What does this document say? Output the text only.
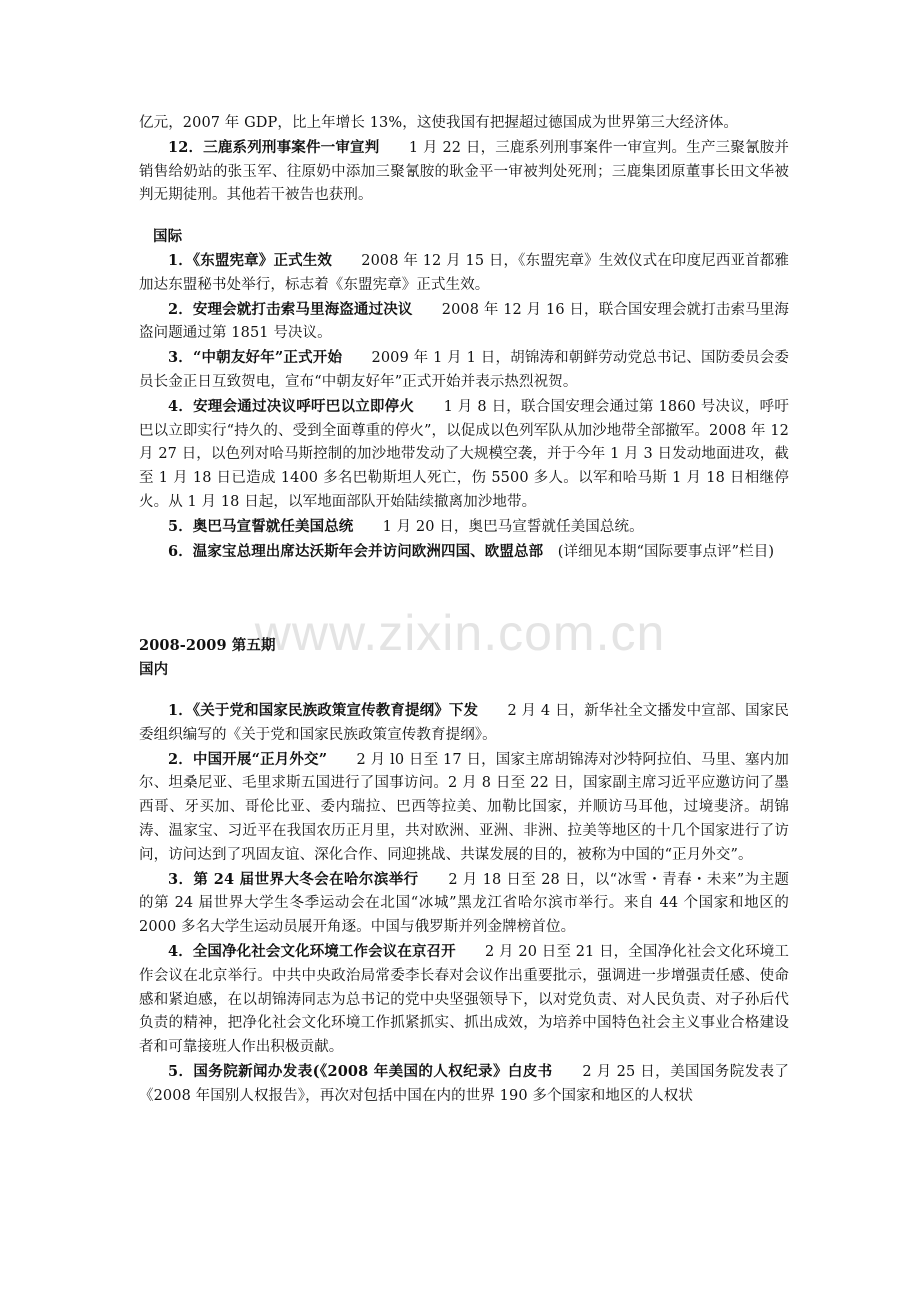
www.zixin.com.cn

亿元，2007 年 GDP，比上年增长 13%，这使我国有把握超过德国成为世界第三大经济体。

12．三鹿系列刑事案件一审宣判　　1 月 22 日，三鹿系列刑事案件一审宣判。生产三聚氰胺并销售给奶站的张玉军、往原奶中添加三聚氰胺的耿金平一审被判处死刑；三鹿集团原董事长田文华被判无期徒刑。其他若干被告也获刑。

国际

1．《东盟宪章》正式生效　　2008 年 12 月 15 日，《东盟宪章》生效仪式在印度尼西亚首都雅加达东盟秘书处举行，标志着《东盟宪章》正式生效。

2．安理会就打击索马里海盗通过决议　　2008 年 12 月 16 日，联合国安理会就打击索马里海盗问题通过第 1851 号决议。

3．“中朝友好年”正式开始　　2009 年 1 月 1 日，胡锦涛和朝鲜劳动党总书记、国防委员会委员长金正日互致贺电，宣布“中朝友好年”正式开始并表示热烈祝贺。

4．安理会通过决议呼吁巴以立即停火　　1 月 8 日，联合国安理会通过第 1860 号决议，呼吁巴以立即实行“持久的、受到全面尊重的停火”，以促成以色列军队从加沙地带全部撤军。2008 年 12 月 27 日，以色列对哈马斯控制的加沙地带发动了大规模空袭，并于今年 1 月 3 日发动地面进攻，截至 1 月 18 日已造成 1400 多名巴勒斯坦人死亡，伤 5500 多人。以军和哈马斯 1 月 18 日相继停火。从 1 月 18 日起，以军地面部队开始陆续撤离加沙地带。

5．奥巴马宣誓就任美国总统　　1 月 20 日，奥巴马宣誓就任美国总统。

6．温家宝总理出席达沃斯年会并访问欧洲四国、欧盟总部　(详细见本期“国际要事点评”栏目)

2008-2009 第五期

国内

1．《关于党和国家民族政策宣传教育提纲》下发　　2 月 4 日，新华社全文播发中宣部、国家民委组织编写的《关于党和国家民族政策宣传教育提纲》。

2．中国开展“正月外交”　　2 月 l0 日至 17 日，国家主席胡锦涛对沙特阿拉伯、马里、塞内加尔、坦桑尼亚、毛里求斯五国进行了国事访问。2 月 8 日至 22 日，国家副主席习近平应邀访问了墨西哥、牙买加、哥伦比亚、委内瑞拉、巴西等拉美、加勒比国家，并顺访马耳他，过境斐济。胡锦涛、温家宝、习近平在我国农历正月里，共对欧洲、亚洲、非洲、拉美等地区的十几个国家进行了访问，访问达到了巩固友谊、深化合作、同迎挑战、共谋发展的目的，被称为中国的“正月外交”。

3．第 24 届世界大冬会在哈尔滨举行　　2 月 18 日至 28 日，以“冰雪・青春・未来”为主题的第 24 届世界大学生冬季运动会在北国“冰城”黑龙江省哈尔滨市举行。来自 44 个国家和地区的 2000 多名大学生运动员展开角逐。中国与俄罗斯并列金牌榜首位。

4．全国净化社会文化环境工作会议在京召开　　2 月 20 日至 21 日，全国净化社会文化环境工作会议在北京举行。中共中央政治局常委李长春对会议作出重要批示，强调进一步增强责任感、使命感和紧迫感，在以胡锦涛同志为总书记的党中央坚强领导下，以对党负责、对人民负责、对子孙后代负责的精神，把净化社会文化环境工作抓紧抓实、抓出成效，为培养中国特色社会主义事业合格建设者和可靠接班人作出积极贡献。

5．国务院新闻办发表(《2008 年美国的人权纪录》白皮书　　2 月 25 日，美国国务院发表了《2008 年国别人权报告》，再次对包括中国在内的世界 190 多个国家和地区的人权状
